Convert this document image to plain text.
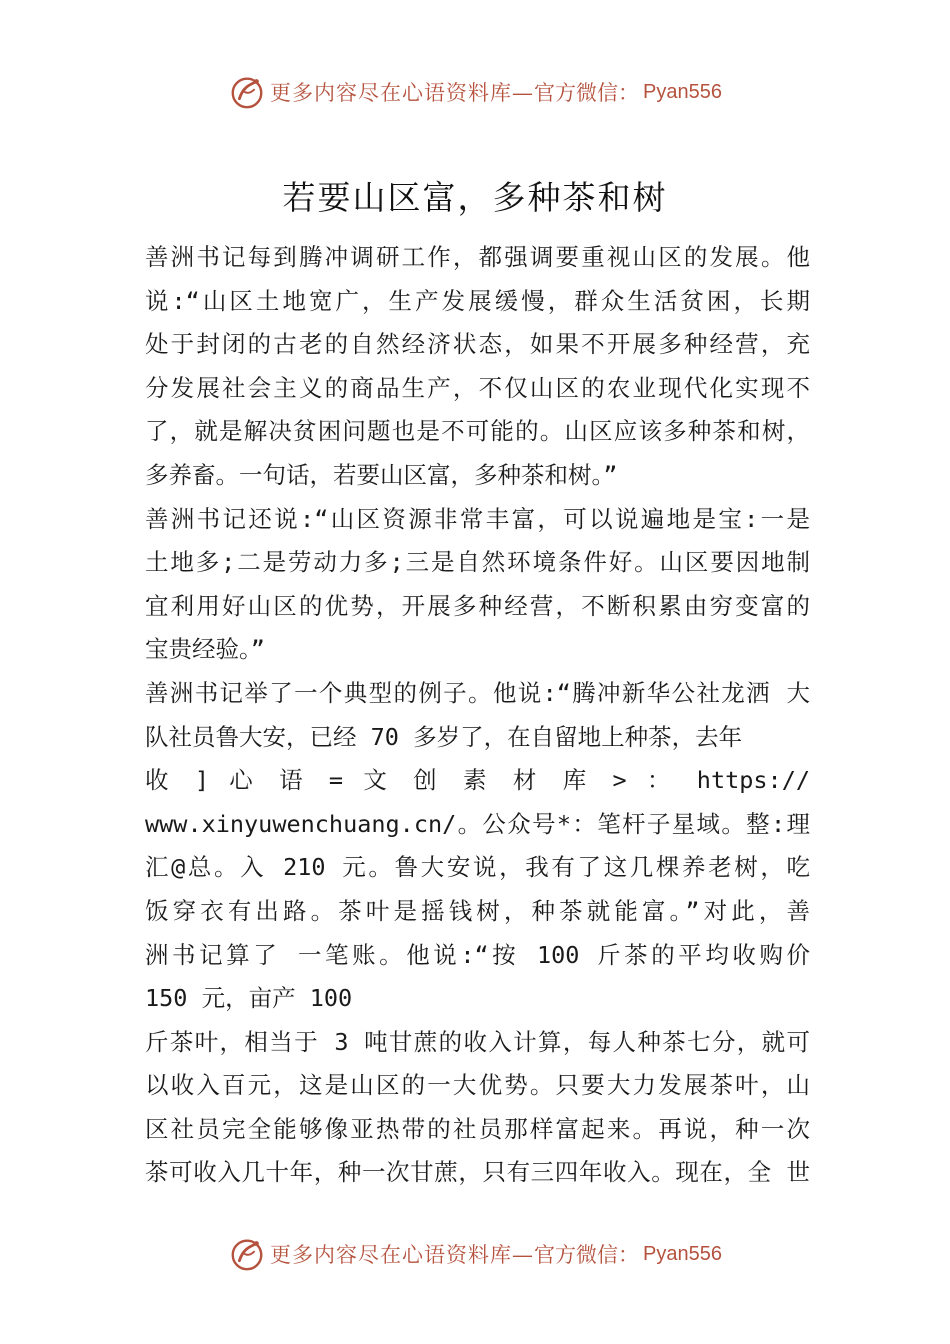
更多内容尽在心语资料库— 官方微信： Pyan556
若要山区富，多种茶和树
善洲书记每到腾冲调研工作，都强调要重视山区的发展。他
说:“山区土地宽广，生产发展缓慢，群众生活贫困，长期
处于封闭的古老的自然经济状态，如果不开展多种经营，充
分发展社会主义的商品生产，不仅山区的农业现代化实现不
了，就是解决贫困问题也是不可能的。山区应该多种茶和树，
多养畜。一句话，若要山区富，多种茶和树。”
善洲书记还说:“山区资源非常丰富，可以说遍地是宝:一是
土地多;二是劳动力多;三是自然环境条件好。山区要因地制
宜利用好山区的优势，开展多种经营，不断积累由穷变富的
宝贵经验。”
善洲书记举了一个典型的例子。他说:“腾冲新华公社龙洒 大
队社员鲁大安，已经 70 多岁了，在自留地上种茶，去年
收 ] 心 语 = 文 创 素 材 库 > ： https://
www.xinyuwenchuang.cn/。公众号*：笔杆子星域。整:理
汇@总。入 210 元。鲁大安说，我有了这几棵养老树，吃
饭穿衣有出路。茶叶是摇钱树，种茶就能富。”对此，善
洲书记算了 一笔账。他说:“按 100 斤茶的平均收购价
150 元，亩产 100
斤茶叶，相当于 3 吨甘蔗的收入计算，每人种茶七分，就可
以收入百元，这是山区的一大优势。只要大力发展茶叶，山
区社员完全能够像亚热带的社员那样富起来。再说，种一次
茶可收入几十年，种一次甘蔗，只有三四年收入。现在，全 世
更多内容尽在心语资料库— 官方微信： Pyan556
